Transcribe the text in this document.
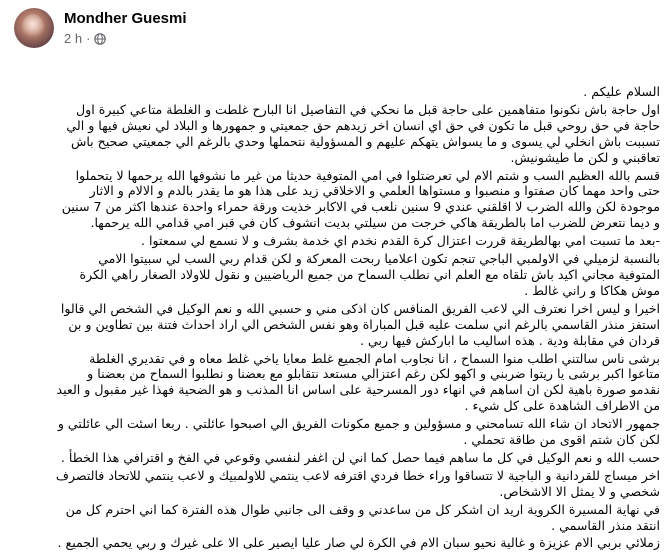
Mondher Guesmi
2 h ·

السلام عليكم .

اول حاجة باش نكونوا متفاهمين على حاجة قبل ما نحكي في التفاصيل انا البارح غلطت و الغلطة متاعي كبيرة اول حاجة في حق روحي قبل ما تكون في حق اي انسان اخر زيدهم حق جمعيتي و جمهورها و البلاد لي نعيش فيها و الي تسببت باش انخلي لي يسوى و ما يسواش يتهكم عليهم و المسؤولية نتحملها وحدي بالرغم الي جمعيتي صحيح باش تعاقبني و لكن ما طيشونيش.

قسم بالله العظيم السب و شتم الام لي تعرضتلوا في امي المتوفية حديثا من غير ما نشوفها الله يرحمها لا يتحملوا حتى واحد مهما كان صفتوا و منصبوا و مستواها العلمي و الاخلاقي زيد على هذا هو ما يقدر بالدم و الالام و الاثار موجودة لكن والله الضرب لا اقلقني عندي 9 سنين نلعب في الاكابر خذيت ورقة حمراء واحدة عندها اكثر من 7 سنين و ديما نتعرض للضرب اما بالطريقة هاكي خرجت من سيلتي بديت انشوف كان في قبر امي قدامي الله يرحمها.

-بعد ما تسبت امي بهالطريقة قررت اعتزال كرة القدم نخدم اي خدمة بشرف و لا نسمع لي سمعتوا .

بالنسبة لزميلي في الاولمبي الباجي تنجم تكون اعلاميا ربحت المعركة و لكن قدام ربي السب لي سبيتوا الامي المتوفية مجاني اكيد باش تلقاه مع العلم اني نطلب السماح من جميع الرياضيين و نقول للاولاد الصغار راهي الكرة موش هكاكا و راني غالط .

اخيرا و ليس اخرا نعترف الي لاعب الفريق المنافس كان اذكى مني و حسبي الله و نعم الوكيل في الشخص الي قالوا استفز منذر القاسمي بالرغم اني سلمت عليه قبل المباراة وهو نفس الشخص الي اراد احداث فتنة بين تطاوين و بن قردان في مقابلة ودية . هذه اساليب ما اباركش فيها ربي .

برشى ناس سالتني اطلب منوا السماح ، انا نجاوب امام الجميع غلط معايا ياخي غلط معاه و في تقديري الغلطة متاعوا اكبر برشى يا ريتوا ضربني و اكهو لكن رغم اعتزالي مستعد نتقابلو مع بعضنا و نطلبوا السماح من بعضنا و نقدمو صورة باهية لكن ان اساهم في انهاء دور المسرحية على اساس انا المذنب و هو الضحية فهذا غير مقبول و العيد من الاطراف الشاهدة على كل شيء .

جمهور الاتحاد ان شاء الله تسامحني و مسؤولين و جميع مكونات الفريق الي اصبحوا عائلتي . ربعا اسئت الي عائلتي و لكن كان شتم اقوى من طاقة تحملي .

حسب الله و نعم الوكيل في كل ما ساهم فيما حصل كما اني لن اغفر لنفسي وقوعي في الفخ و اقترافي هذا الخطأ .

اخر ميساج للقردانية و الباجية لا تتساقوا وراء خطا فردي اقترفه لاعب ينتمي للاولمبيك و لاعب ينتمي للاتحاد فالتصرف شخصي و لا يمثل الا الاشخاص.

في نهاية المسيرة الكروية اريد ان اشكر كل من ساعدني و وقف الى جانبي طوال هذه الفترة كما اني احترم كل من انتقد منذر القاسمي .

زملائي بربي الام عزيزة و غالية نحيو سبان الام في الكرة لي صار عليا ايصير على الا على غيرك و ربي يحمي الجميع .
